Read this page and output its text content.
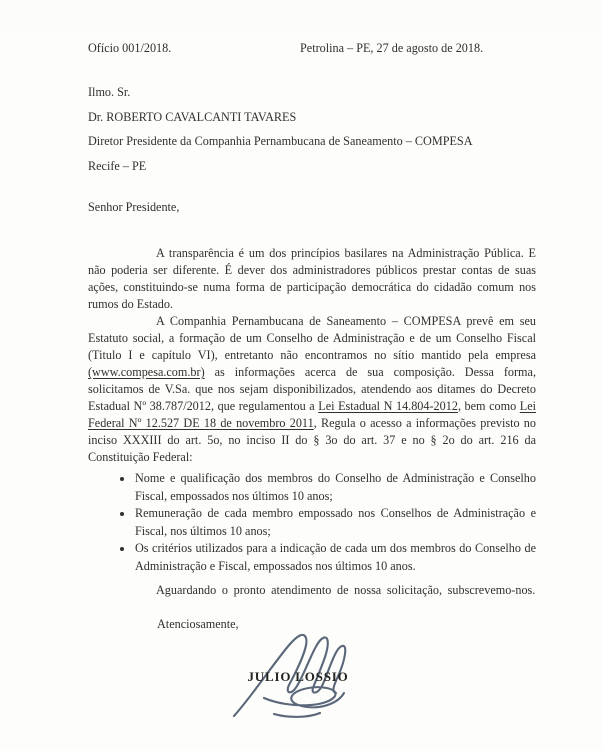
Ofício 001/2018.	Petrolina – PE, 27 de agosto de 2018.
Ilmo. Sr.
Dr. ROBERTO CAVALCANTI TAVARES
Diretor Presidente da Companhia Pernambucana de Saneamento – COMPESA
Recife – PE
Senhor Presidente,

A transparência é um dos princípios basilares na Administração Pública. E não poderia ser diferente. É dever dos administradores públicos prestar contas de suas ações, constituindo-se numa forma de participação democrática do cidadão comum nos rumos do Estado.

A Companhia Pernambucana de Saneamento – COMPESA prevê em seu Estatuto social, a formação de um Conselho de Administração e de um Conselho Fiscal (Titulo I e capítulo VI), entretanto não encontramos no sítio mantido pela empresa (www.compesa.com.br) as informações acerca de sua composição. Dessa forma, solicitamos de V.Sa. que nos sejam disponibilizados, atendendo aos ditames do Decreto Estadual Nº 38.787/2012, que regulamentou a Lei Estadual N 14.804-2012, bem como Lei Federal Nº 12.527 DE 18 de novembro 2011, Regula o acesso a informações previsto no inciso XXXIII do art. 5o, no inciso II do § 3o do art. 37 e no § 2o do art. 216 da Constituição Federal:

• Nome e qualificação dos membros do Conselho de Administração e Conselho Fiscal, empossados nos últimos 10 anos;
• Remuneração de cada membro empossado nos Conselhos de Administração e Fiscal, nos últimos 10 anos;
• Os critérios utilizados para a indicação de cada um dos membros do Conselho de Administração e Fiscal, empossados nos últimos 10 anos.

Aguardando o pronto atendimento de nossa solicitação, subscrevemo-nos.

Atenciosamente,
JULIO LOSSIO
